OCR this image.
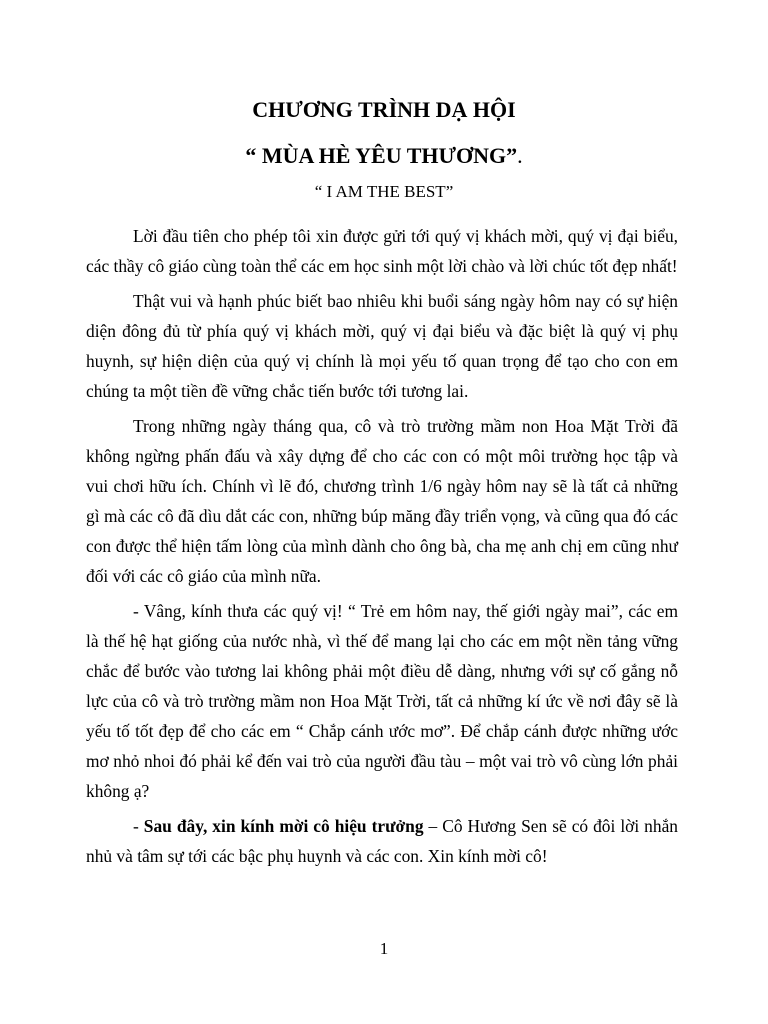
CHƯƠNG TRÌNH DẠ HỘI
“ MÙA HÈ YÊU THƯƠNG”.

“ I AM THE BEST”

Lời đầu tiên cho phép tôi xin được gửi tới quý vị khách mời, quý vị đại biểu, các thầy cô giáo cùng toàn thể các em học sinh một lời chào và lời chúc tốt đẹp nhất!

Thật vui và hạnh phúc biết bao nhiêu khi buổi sáng ngày hôm nay có sự hiện diện đông đủ từ phía quý vị khách mời, quý vị đại biểu và đặc biệt là quý vị phụ huynh, sự hiện diện của quý vị chính là mọi yếu tố quan trọng để tạo cho con em chúng ta một tiền đề vững chắc tiến bước tới tương lai.

Trong những ngày tháng qua, cô và trò trường mầm non Hoa Mặt Trời đã không ngừng phấn đấu và xây dựng để cho các con có một môi trường học tập và vui chơi hữu ích. Chính vì lẽ đó, chương trình 1/6 ngày hôm nay sẽ là tất cả những gì mà các cô đã dìu dắt các con, những búp măng đầy triển vọng, và cũng qua đó các con được thể hiện tấm lòng của mình dành cho ông bà, cha mẹ anh chị em cũng như đối với các cô giáo của mình nữa.

- Vâng, kính thưa các quý vị! “ Trẻ em hôm nay, thế giới ngày mai”, các em là thế hệ hạt giống của nước nhà, vì thế để mang lại cho các em một nền tảng vững chắc để bước vào tương lai không phải một điều dễ dàng, nhưng với sự cố gắng nỗ lực của cô và trò trường mầm non Hoa Mặt Trời, tất cả những kí ức về nơi đây sẽ là yếu tố tốt đẹp để cho các em “ Chắp cánh ước mơ”. Để chắp cánh được những ước mơ nhỏ nhoi đó phải kể đến vai trò của người đầu tàu – một vai trò vô cùng lớn phải không ạ?

- Sau đây, xin kính mời cô hiệu trưởng – Cô Hương Sen sẽ có đôi lời nhắn nhủ và tâm sự tới các bậc phụ huynh và các con. Xin kính mời cô!

1
